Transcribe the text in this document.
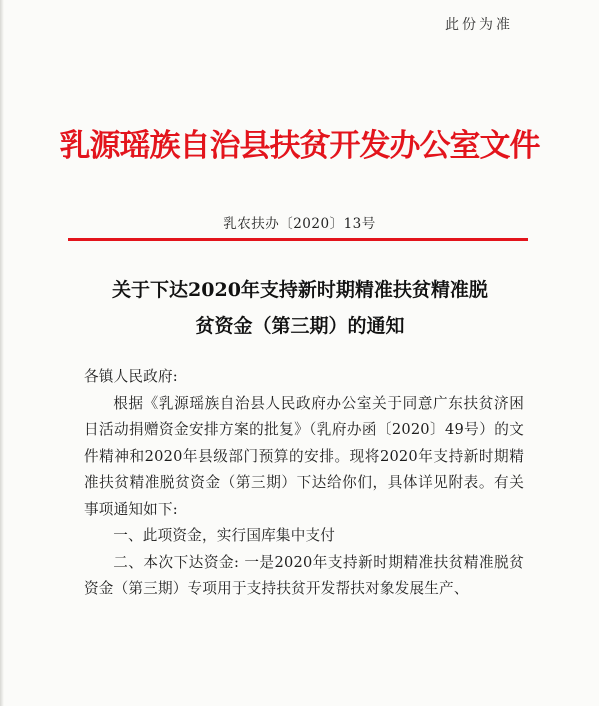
此份为准
乳源瑶族自治县扶贫开发办公室文件
乳农扶办〔2020〕13号
关于下达2020年支持新时期精准扶贫精准脱
贫资金（第三期）的通知

各镇人民政府:

根据《乳源瑶族自治县人民政府办公室关于同意广东扶贫济困日活动捐赠资金安排方案的批复》（乳府办函〔2020〕49号）的文件精神和2020年县级部门预算的安排。现将2020年支持新时期精准扶贫精准脱贫资金（第三期）下达给你们，具体详见附表。有关事项通知如下:

一、此项资金，实行国库集中支付

二、本次下达资金: 一是2020年支持新时期精准扶贫精准脱贫资金（第三期）专项用于支持扶贫开发帮扶对象发展生产、
